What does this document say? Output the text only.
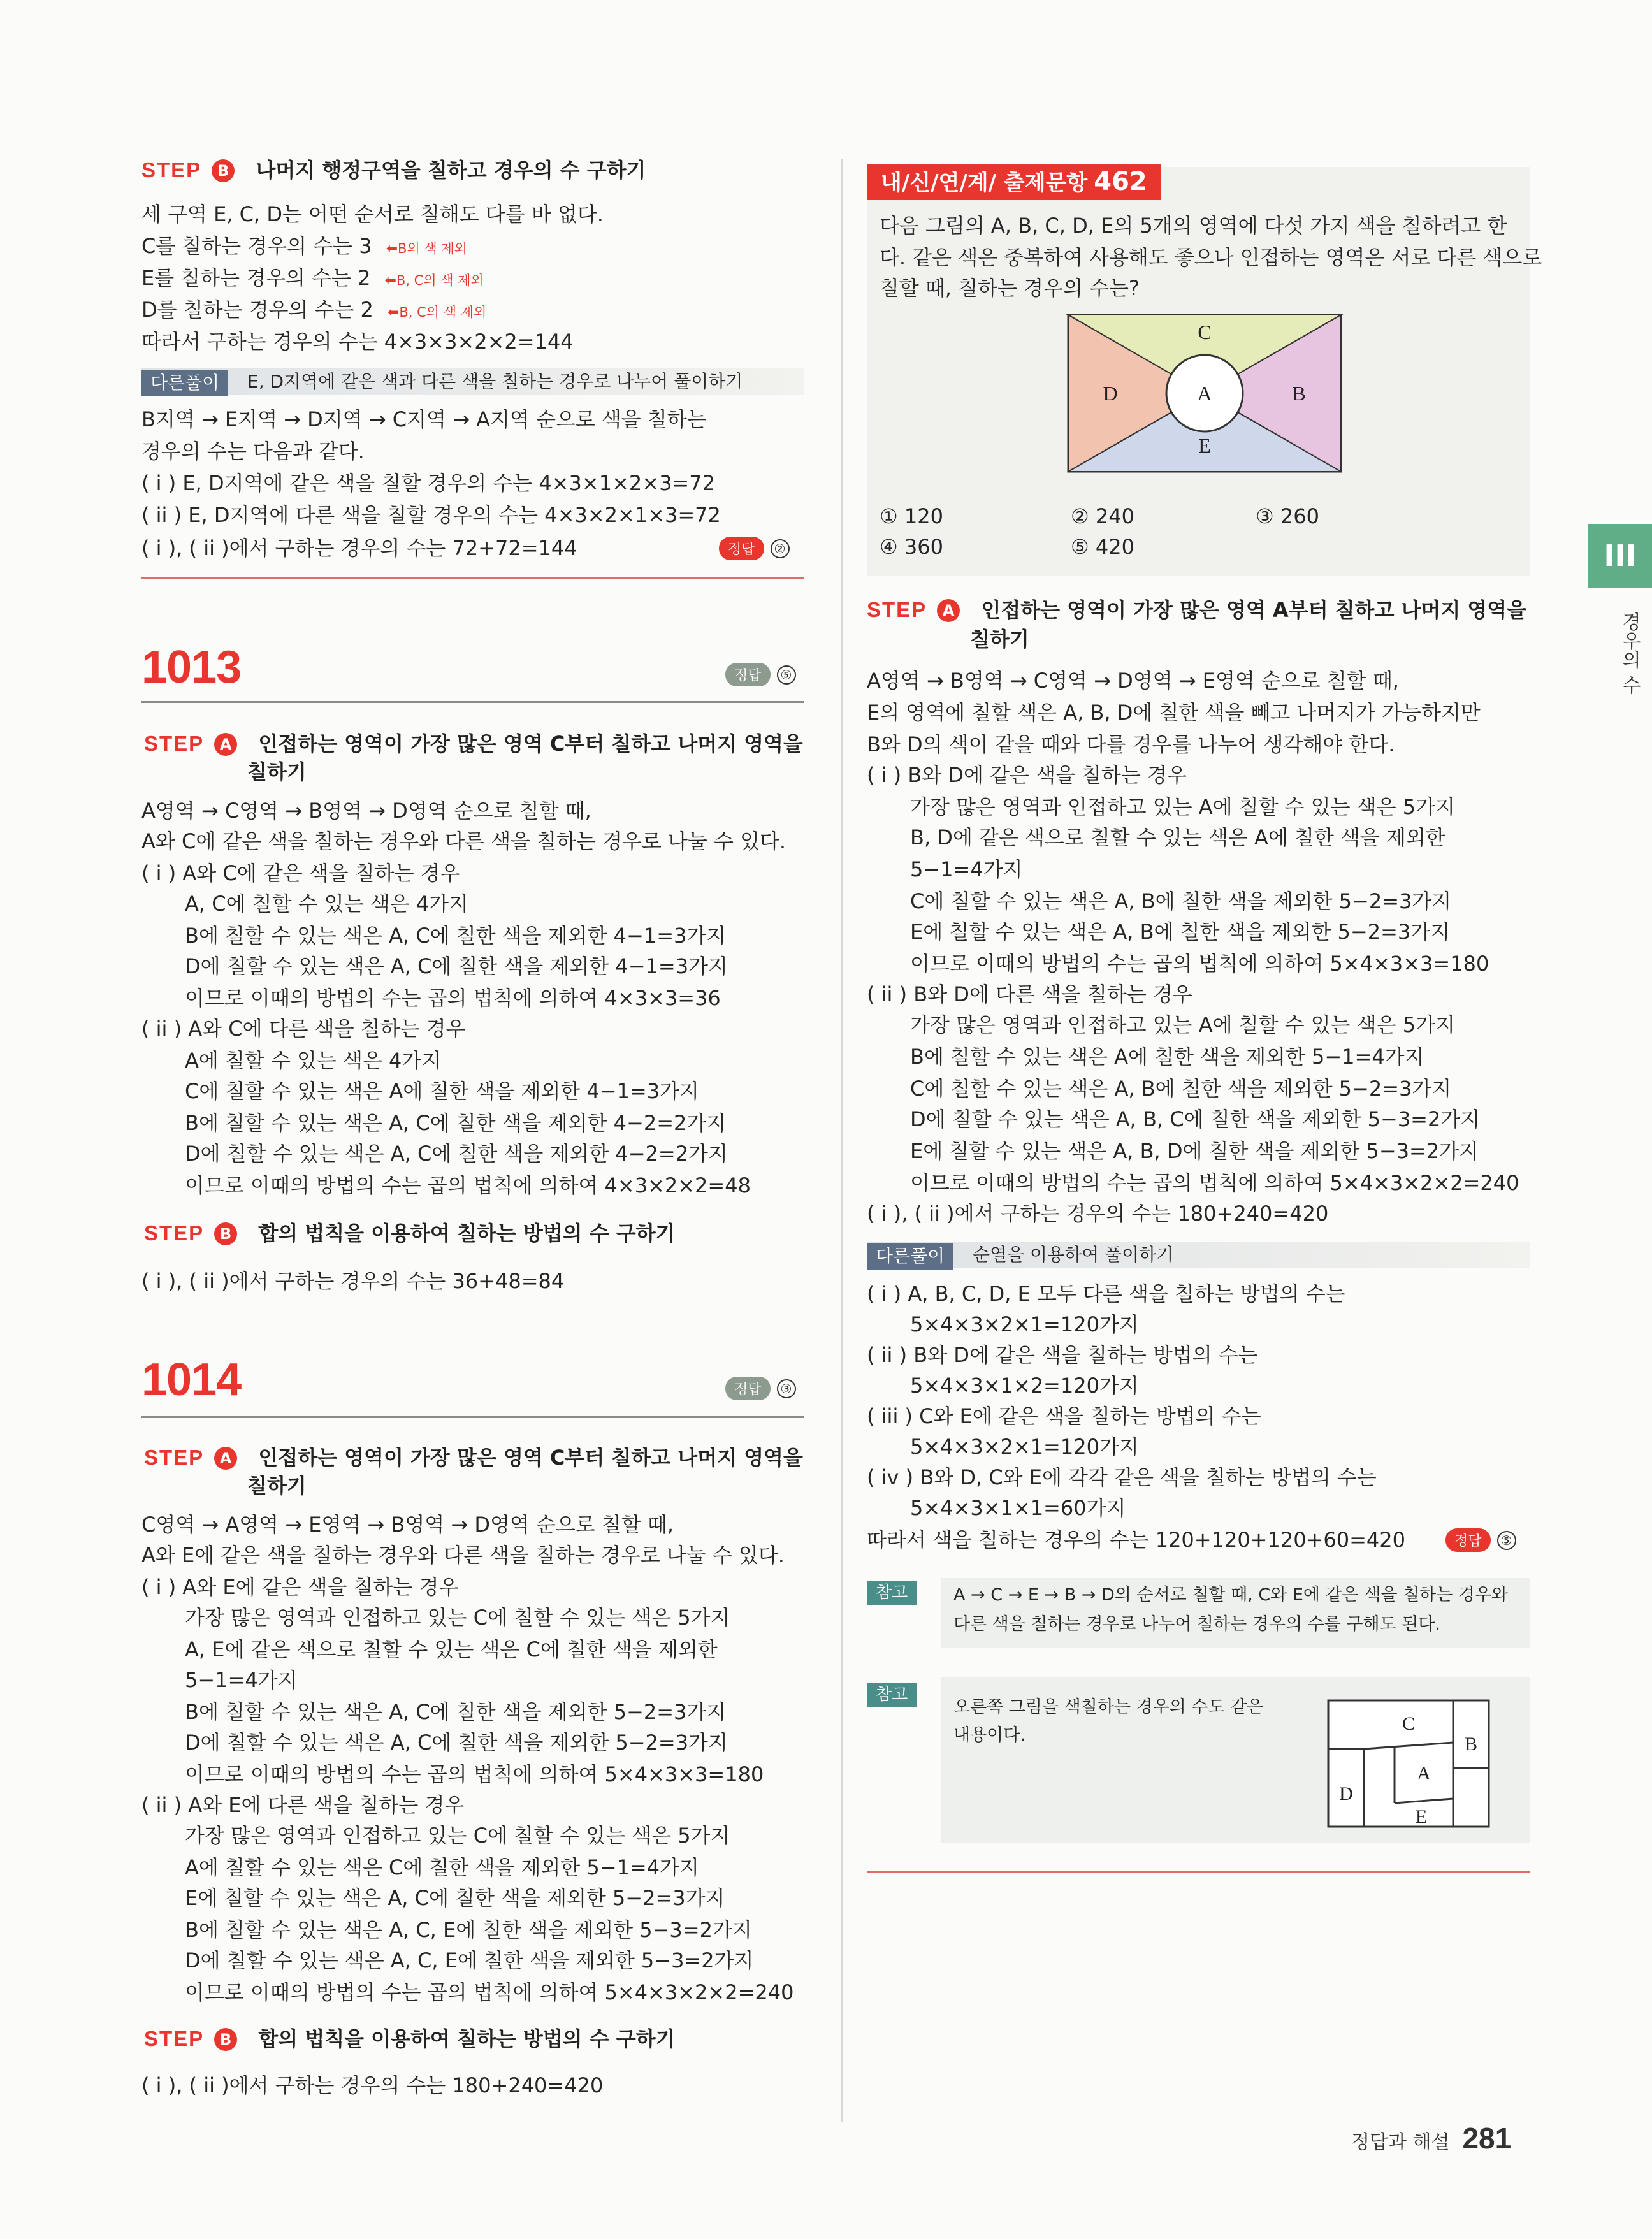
III
경우의 수
STEP B 나머지 행정구역을 칠하고 경우의 수 구하기
세 구역 E, C, D는 어떤 순서로 칠해도 다를 바 없다.
C를 칠하는 경우의 수는 3 ⬅B의 색 제외
E를 칠하는 경우의 수는 2 ⬅B, C의 색 제외
D를 칠하는 경우의 수는 2 ⬅B, C의 색 제외
따라서 구하는 경우의 수는 4×3×3×2×2=144
다른풀이	E, D지역에 같은 색과 다른 색을 칠하는 경우로 나누어 풀이하기
B지역 → E지역 → D지역 → C지역 → A지역 순으로 색을 칠하는
경우의 수는 다음과 같다.
( i ) E, D지역에 같은 색을 칠할 경우의 수는 4×3×1×2×3=72
( ii ) E, D지역에 다른 색을 칠할 경우의 수는 4×3×2×1×3=72
( i ), ( ii )에서 구하는 경우의 수는 72+72=144	정답	②
1013	정답	⑤
STEP A 인접하는 영역이 가장 많은 영역 C부터 칠하고 나머지 영역을
칠하기
A영역 → C영역 → B영역 → D영역 순으로 칠할 때,
A와 C에 같은 색을 칠하는 경우와 다른 색을 칠하는 경우로 나눌 수 있다.
( i ) A와 C에 같은 색을 칠하는 경우
A, C에 칠할 수 있는 색은 4가지
B에 칠할 수 있는 색은 A, C에 칠한 색을 제외한 4−1=3가지
D에 칠할 수 있는 색은 A, C에 칠한 색을 제외한 4−1=3가지
이므로 이때의 방법의 수는 곱의 법칙에 의하여 4×3×3=36
( ii ) A와 C에 다른 색을 칠하는 경우
A에 칠할 수 있는 색은 4가지
C에 칠할 수 있는 색은 A에 칠한 색을 제외한 4−1=3가지
B에 칠할 수 있는 색은 A, C에 칠한 색을 제외한 4−2=2가지
D에 칠할 수 있는 색은 A, C에 칠한 색을 제외한 4−2=2가지
이므로 이때의 방법의 수는 곱의 법칙에 의하여 4×3×2×2=48
STEP B 합의 법칙을 이용하여 칠하는 방법의 수 구하기
( i ), ( ii )에서 구하는 경우의 수는 36+48=84
1014	정답	③
STEP A 인접하는 영역이 가장 많은 영역 C부터 칠하고 나머지 영역을
칠하기
C영역 → A영역 → E영역 → B영역 → D영역 순으로 칠할 때,
A와 E에 같은 색을 칠하는 경우와 다른 색을 칠하는 경우로 나눌 수 있다.
( i ) A와 E에 같은 색을 칠하는 경우
가장 많은 영역과 인접하고 있는 C에 칠할 수 있는 색은 5가지
A, E에 같은 색으로 칠할 수 있는 색은 C에 칠한 색을 제외한
5−1=4가지
B에 칠할 수 있는 색은 A, C에 칠한 색을 제외한 5−2=3가지
D에 칠할 수 있는 색은 A, C에 칠한 색을 제외한 5−2=3가지
이므로 이때의 방법의 수는 곱의 법칙에 의하여 5×4×3×3=180
( ii ) A와 E에 다른 색을 칠하는 경우
가장 많은 영역과 인접하고 있는 C에 칠할 수 있는 색은 5가지
A에 칠할 수 있는 색은 C에 칠한 색을 제외한 5−1=4가지
E에 칠할 수 있는 색은 A, C에 칠한 색을 제외한 5−2=3가지
B에 칠할 수 있는 색은 A, C, E에 칠한 색을 제외한 5−3=2가지
D에 칠할 수 있는 색은 A, C, E에 칠한 색을 제외한 5−3=2가지
이므로 이때의 방법의 수는 곱의 법칙에 의하여 5×4×3×2×2=240
STEP B 합의 법칙을 이용하여 칠하는 방법의 수 구하기
( i ), ( ii )에서 구하는 경우의 수는 180+240=420
내/신/연/계/ 출제문항 462
다음 그림의 A, B, C, D, E의 5개의 영역에 다섯 가지 색을 칠하려고 한
다. 같은 색은 중복하여 사용해도 좋으나 인접하는 영역은 서로 다른 색으로
칠할 때, 칠하는 경우의 수는?
C
D	A	B
E
① 120	② 240	③ 260
④ 360	⑤ 420
STEP A 인접하는 영역이 가장 많은 영역 A부터 칠하고 나머지 영역을
칠하기
A영역 → B영역 → C영역 → D영역 → E영역 순으로 칠할 때,
E의 영역에 칠할 색은 A, B, D에 칠한 색을 빼고 나머지가 가능하지만
B와 D의 색이 같을 때와 다를 경우를 나누어 생각해야 한다.
( i ) B와 D에 같은 색을 칠하는 경우
가장 많은 영역과 인접하고 있는 A에 칠할 수 있는 색은 5가지
B, D에 같은 색으로 칠할 수 있는 색은 A에 칠한 색을 제외한
5−1=4가지
C에 칠할 수 있는 색은 A, B에 칠한 색을 제외한 5−2=3가지
E에 칠할 수 있는 색은 A, B에 칠한 색을 제외한 5−2=3가지
이므로 이때의 방법의 수는 곱의 법칙에 의하여 5×4×3×3=180
( ii ) B와 D에 다른 색을 칠하는 경우
가장 많은 영역과 인접하고 있는 A에 칠할 수 있는 색은 5가지
B에 칠할 수 있는 색은 A에 칠한 색을 제외한 5−1=4가지
C에 칠할 수 있는 색은 A, B에 칠한 색을 제외한 5−2=3가지
D에 칠할 수 있는 색은 A, B, C에 칠한 색을 제외한 5−3=2가지
E에 칠할 수 있는 색은 A, B, D에 칠한 색을 제외한 5−3=2가지
이므로 이때의 방법의 수는 곱의 법칙에 의하여 5×4×3×2×2=240
( i ), ( ii )에서 구하는 경우의 수는 180+240=420
다른풀이	순열을 이용하여 풀이하기
( i ) A, B, C, D, E 모두 다른 색을 칠하는 방법의 수는
5×4×3×2×1=120가지
( ii ) B와 D에 같은 색을 칠하는 방법의 수는
5×4×3×1×2=120가지
( iii ) C와 E에 같은 색을 칠하는 방법의 수는
5×4×3×2×1=120가지
( iv ) B와 D, C와 E에 각각 같은 색을 칠하는 방법의 수는
5×4×3×1×1=60가지
따라서 색을 칠하는 경우의 수는 120+120+120+60=420	정답	⑤
참고	A → C → E → B → D의 순서로 칠할 때, C와 E에 같은 색을 칠하는 경우와
다른 색을 칠하는 경우로 나누어 칠하는 경우의 수를 구해도 된다.
참고
오른쪽 그림을 색칠하는 경우의 수도 같은
내용이다.
C
B
A
D
E
정답과 해설 281
